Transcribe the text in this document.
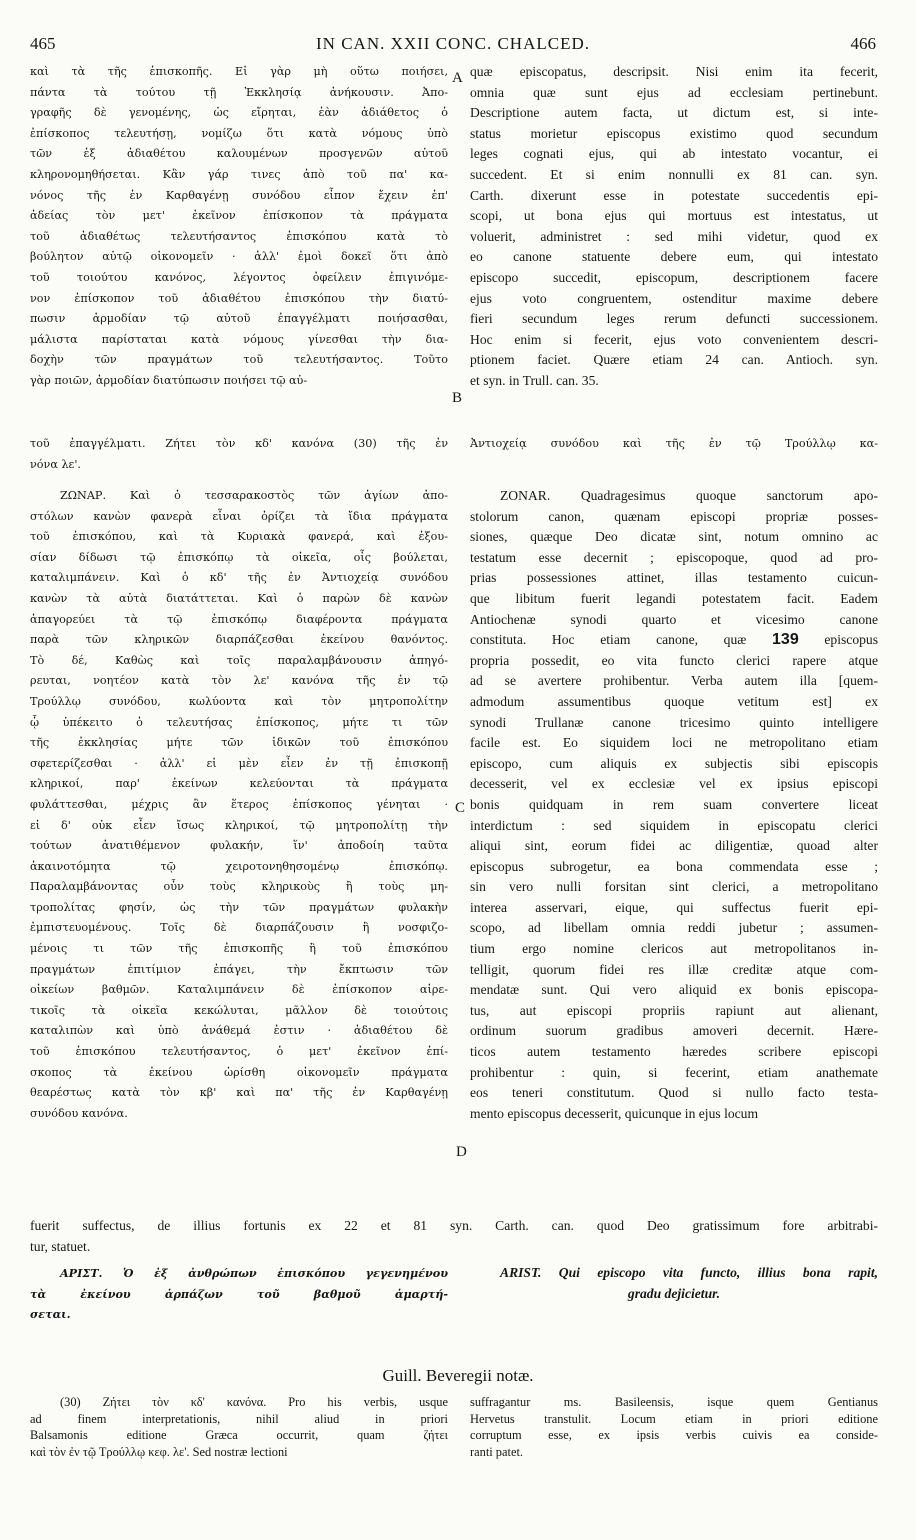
465	IN CAN. XXII CONC. CHALCED.	466
καὶ τὰ τῆς ἐπισκοπῆς. Εἰ γὰρ μὴ οὕτω ποιήσει,
πάντα τὰ τούτου τῇ Ἐκκλησίᾳ ἀνήκουσιν. Ἀπο-
γραφῆς δὲ γενομένης, ὡς εἴρηται, ἐὰν ἀδιάθετος ὁ
ἐπίσκοπος τελευτήσῃ, νομίζω ὅτι κατὰ νόμους ὑπὸ
τῶν ἐξ ἀδιαθέτου καλουμένων προσγενῶν αὐτοῦ
κληρονομηθήσεται. Κἂν γάρ τινες ἀπὸ τοῦ πα' κα-
νόνος τῆς ἐν Καρθαγένῃ συνόδου εἶπον ἔχειν ἐπ'
ἀδείας τὸν μετ' ἐκεῖνον ἐπίσκοπον τὰ πράγματα
τοῦ ἀδιαθέτως τελευτήσαντος ἐπισκόπου κατὰ τὸ
βούλητον αὐτῷ οἰκονομεῖν · ἀλλ' ἐμοὶ δοκεῖ ὅτι ἀπὸ
τοῦ τοιούτου κανόνος, λέγοντος ὀφείλειν ἐπιγινόμε-
νον ἐπίσκοπον τοῦ ἀδιαθέτου ἐπισκόπου τὴν διατύ-
πωσιν ἁρμοδίαν τῷ αὐτοῦ ἐπαγγέλματι ποιήσασθαι,
μάλιστα παρίσταται κατὰ νόμους γίνεσθαι τὴν δια-
δοχὴν τῶν πραγμάτων τοῦ τελευτήσαντος. Τοῦτο
γὰρ ποιῶν, ἁρμοδίαν διατύπωσιν ποιήσει τῷ αὐ-
quæ episcopatus, descripsit. Nisi enim ita fecerit,
omnia quæ sunt ejus ad ecclesiam pertinebunt.
Descriptione autem facta, ut dictum est, si inte-
status morietur episcopus existimo quod secundum
leges cognati ejus, qui ab intestato vocantur, ei
succedent. Et si enim nonnulli ex 81 can. syn.
Carth. dixerunt esse in potestate succedentis epi-
scopi, ut bona ejus qui mortuus est intestatus, ut
voluerit, administret : sed mihi videtur, quod ex
eo canone statuente debere eum, qui intestato
episcopo succedit, episcopum, descriptionem facere
ejus voto congruentem, ostenditur maxime debere
fieri secundum leges rerum defuncti successionem.
Hoc enim si fecerit, ejus voto convenientem descri-
ptionem faciet. Quære etiam 24 can. Antioch. syn.
et syn. in Trull. can. 35.
A
B
C
D
τοῦ ἐπαγγέλματι. Ζήτει τὸν κδ' κανόνα (30) τῆς ἐν Ἀντιοχείᾳ συνόδου καὶ τῆς ἐν τῷ Τρούλλῳ κα-
νόνα λε'.
ΖΩΝΑΡ. Καὶ ὁ τεσσαρακοστὸς τῶν ἁγίων ἀπο-
στόλων κανὼν φανερὰ εἶναι ὁρίζει τὰ ἴδια πράγματα
τοῦ ἐπισκόπου, καὶ τὰ Κυριακὰ φανερά, καὶ ἐξου-
σίαν δίδωσι τῷ ἐπισκόπῳ τὰ οἰκεῖα, οἷς βούλεται,
καταλιμπάνειν. Καὶ ὁ κδ' τῆς ἐν Ἀντιοχείᾳ συνόδου
κανὼν τὰ αὐτὰ διατάττεται. Καὶ ὁ παρὼν δὲ κανὼν
ἀπαγορεύει τὰ τῷ ἐπισκόπῳ διαφέροντα πράγματα
παρὰ τῶν κληρικῶν διαρπάζεσθαι ἐκείνου θανόντος.
Τὸ δέ, Καθὼς καὶ τοῖς παραλαμβάνουσιν ἀπηγό-
ρευται, νοητέον κατὰ τὸν λε' κανόνα τῆς ἐν τῷ
Τρούλλῳ συνόδου, κωλύοντα καὶ τὸν μητροπολίτην
ᾧ ὑπέκειτο ὁ τελευτήσας ἐπίσκοπος, μήτε τι τῶν
τῆς ἐκκλησίας μήτε τῶν ἰδικῶν τοῦ ἐπισκόπου
σφετερίζεσθαι · ἀλλ' εἰ μὲν εἶεν ἐν τῇ ἐπισκοπῇ
κληρικοί, παρ' ἐκείνων κελεύονται τὰ πράγματα
φυλάττεσθαι, μέχρις ἂν ἕτερος ἐπίσκοπος γένηται ·
εἰ δ' οὐκ εἶεν ἴσως κληρικοί, τῷ μητροπολίτῃ τὴν
τούτων ἀνατιθέμενον φυλακήν, ἵν' ἀποδοίη ταῦτα
ἀκαινοτόμητα τῷ χειροτονηθησομένῳ ἐπισκόπῳ.
Παραλαμβάνοντας οὖν τοὺς κληρικοὺς ἢ τοὺς μη-
τροπολίτας φησίν, ὡς τὴν τῶν πραγμάτων φυλακὴν
ἐμπιστευομένους. Τοῖς δὲ διαρπάζουσιν ἢ νοσφιζο-
μένοις τι τῶν τῆς ἐπισκοπῆς ἢ τοῦ ἐπισκόπου
πραγμάτων ἐπιτίμιον ἐπάγει, τὴν ἔκπτωσιν τῶν
οἰκείων βαθμῶν. Καταλιμπάνειν δὲ ἐπίσκοπον αἱρε-
τικοῖς τὰ οἰκεῖα κεκώλυται, μᾶλλον δὲ τοιούτοις
καταλιπὼν καὶ ὑπὸ ἀνάθεμά ἐστιν · ἀδιαθέτου δὲ
τοῦ ἐπισκόπου τελευτήσαντος, ὁ μετ' ἐκεῖνον ἐπί-
σκοπος τὰ ἐκείνου ὡρίσθη οἰκονομεῖν πράγματα
θεαρέστως κατὰ τὸν κβ' καὶ πα' τῆς ἐν Καρθαγένῃ
συνόδου κανόνα.
ZONAR. Quadragesimus quoque sanctorum apo-
stolorum canon, quænam episcopi propriæ posses-
siones, quæque Deo dicatæ sint, notum omnino ac
testatum esse decernit ; episcopoque, quod ad pro-
prias possessiones attinet, illas testamento cuicun-
que libitum fuerit legandi potestatem facit. Eadem
Antiochenæ synodi quarto et vicesimo canone
constituta. Hoc etiam canone, quæ 139 episcopus
propria possedit, eo vita functo clerici rapere atque
ad se avertere prohibentur. Verba autem illa [quem-
admodum assumentibus quoque vetitum est] ex
synodi Trullanæ canone tricesimo quinto intelligere
facile est. Eo siquidem loci ne metropolitano etiam
episcopo, cum aliquis ex subjectis sibi episcopis
decesserit, vel ex ecclesiæ vel ex ipsius episcopi
bonis quidquam in rem suam convertere liceat
interdictum : sed siquidem in episcopatu clerici
aliqui sint, eorum fidei ac diligentiæ, quoad alter
episcopus subrogetur, ea bona commendata esse ;
sin vero nulli forsitan sint clerici, a metropolitano
interea asservari, eique, qui suffectus fuerit epi-
scopo, ad libellam omnia reddi jubetur ; assumen-
tium ergo nomine clericos aut metropolitanos in-
telligit, quorum fidei res illæ creditæ atque com-
mendatæ sunt. Qui vero aliquid ex bonis episcopa-
tus, aut episcopi propriis rapiunt aut alienant,
ordinum suorum gradibus amoveri decernit. Hære-
ticos autem testamento hæredes scribere episcopi
prohibentur : quin, si fecerint, etiam anathemate
eos teneri constitutum. Quod si nullo facto testa-
mento episcopus decesserit, quicunque in ejus locum
fuerit suffectus, de illius fortunis ex 22 et 81 syn. Carth. can. quod Deo gratissimum fore arbitrabi-
tur, statuet.
ΑΡΙΣΤ. Ὁ ἐξ ἀνθρώπων ἐπισκόπου γεγενημένου
τὰ ἐκείνου ἁρπάζων τοῦ βαθμοῦ ἁμαρτή-
σεται.
ARIST. Qui episcopo vita functo, illius bona rapit,
gradu dejicietur.
Guill. Beveregii notæ.
(30) Ζήτει τὸν κδ' κανόνα. Pro his verbis, usque
ad finem interpretationis, nihil aliud in priori
Balsamonis editione Græca occurrit, quam ζήτει
καὶ τὸν ἐν τῷ Τρούλλῳ κεφ. λε'. Sed nostræ lectioni
suffragantur ms. Basileensis, isque quem Gentianus
Hervetus transtulit. Locum etiam in priori editione
corruptum esse, ex ipsis verbis cuivis ea conside-
ranti patet.
